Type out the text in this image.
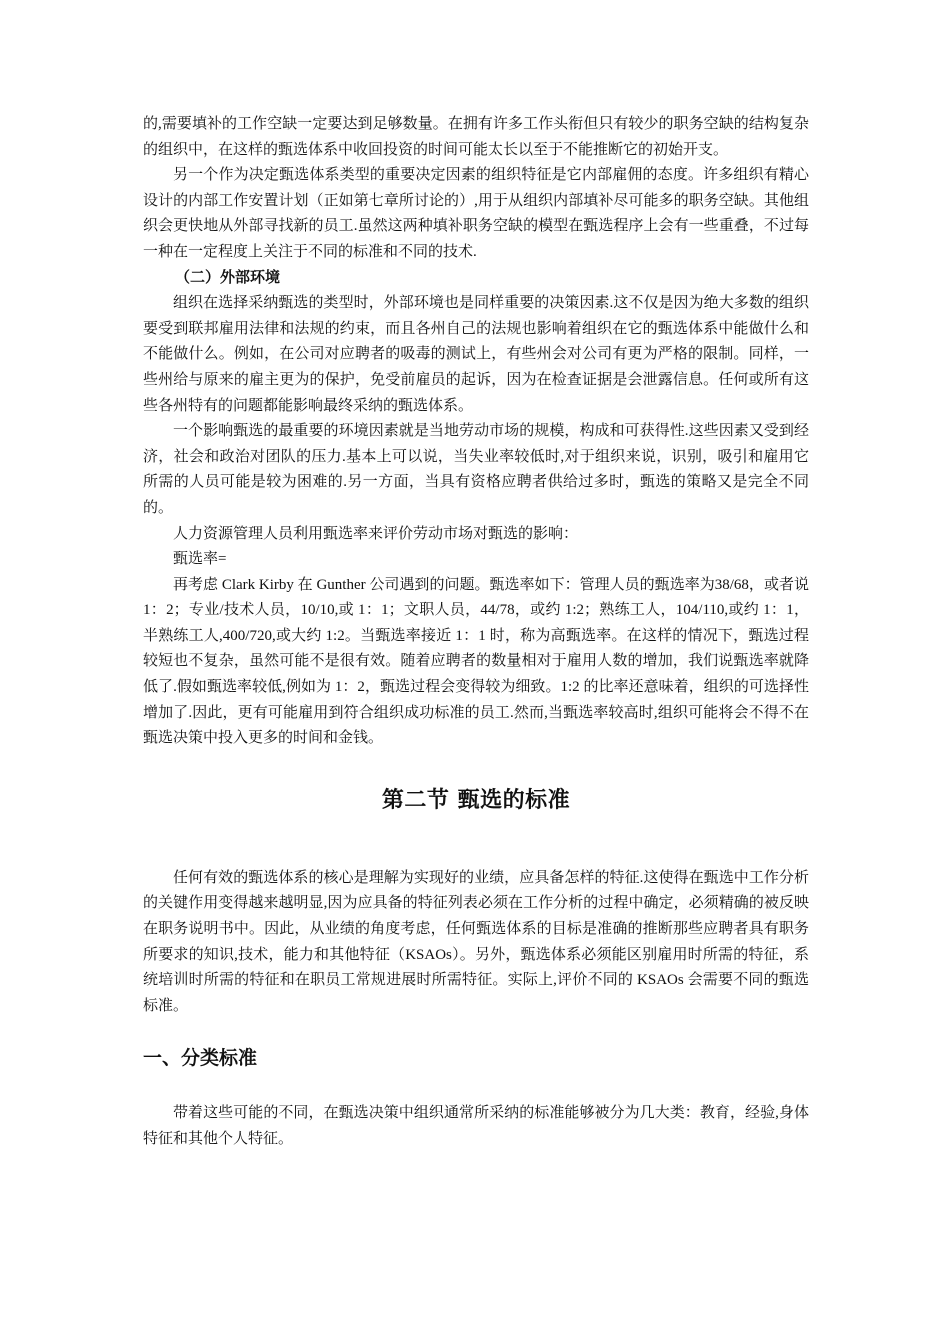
的,需要填补的工作空缺一定要达到足够数量。在拥有许多工作头衔但只有较少的职务空缺的结构复杂的组织中，在这样的甄选体系中收回投资的时间可能太长以至于不能推断它的初始开支。

另一个作为决定甄选体系类型的重要决定因素的组织特征是它内部雇佣的态度。许多组织有精心设计的内部工作安置计划（正如第七章所讨论的）,用于从组织内部填补尽可能多的职务空缺。其他组织会更快地从外部寻找新的员工.虽然这两种填补职务空缺的模型在甄选程序上会有一些重叠，不过每一种在一定程度上关注于不同的标准和不同的技术.

（二）外部环境

组织在选择采纳甄选的类型时，外部环境也是同样重要的决策因素.这不仅是因为绝大多数的组织要受到联邦雇用法律和法规的约束，而且各州自己的法规也影响着组织在它的甄选体系中能做什么和不能做什么。例如，在公司对应聘者的吸毒的测试上，有些州会对公司有更为严格的限制。同样，一些州给与原来的雇主更为的保护，免受前雇员的起诉，因为在检查证据是会泄露信息。任何或所有这些各州特有的问题都能影响最终采纳的甄选体系。

一个影响甄选的最重要的环境因素就是当地劳动市场的规模，构成和可获得性.这些因素又受到经济，社会和政治对团队的压力.基本上可以说，当失业率较低时,对于组织来说，识别，吸引和雇用它所需的人员可能是较为困难的.另一方面，当具有资格应聘者供给过多时，甄选的策略又是完全不同的。

人力资源管理人员利用甄选率来评价劳动市场对甄选的影响：

甄选率=

再考虑 Clark Kirby 在 Gunther 公司遇到的问题。甄选率如下：管理人员的甄选率为38/68，或者说 1：2；专业/技术人员，10/10,或 1：1；文职人员，44/78，或约 1:2；熟练工人，104/110,或约 1：1，半熟练工人,400/720,或大约 1:2。当甄选率接近 1：1 时，称为高甄选率。在这样的情况下，甄选过程较短也不复杂，虽然可能不是很有效。随着应聘者的数量相对于雇用人数的增加，我们说甄选率就降低了.假如甄选率较低,例如为 1：2，甄选过程会变得较为细致。1:2 的比率还意味着，组织的可选择性增加了.因此，更有可能雇用到符合组织成功标准的员工.然而,当甄选率较高时,组织可能将会不得不在甄选决策中投入更多的时间和金钱。

第二节 甄选的标准

任何有效的甄选体系的核心是理解为实现好的业绩，应具备怎样的特征.这使得在甄选中工作分析的关键作用变得越来越明显,因为应具备的特征列表必须在工作分析的过程中确定，必须精确的被反映在职务说明书中。因此，从业绩的角度考虑，任何甄选体系的目标是准确的推断那些应聘者具有职务所要求的知识,技术，能力和其他特征（KSAOs）。另外，甄选体系必须能区别雇用时所需的特征，系统培训时所需的特征和在职员工常规进展时所需特征。实际上,评价不同的 KSAOs 会需要不同的甄选标准。

一、分类标准

带着这些可能的不同，在甄选决策中组织通常所采纳的标准能够被分为几大类：教育，经验,身体特征和其他个人特征。
